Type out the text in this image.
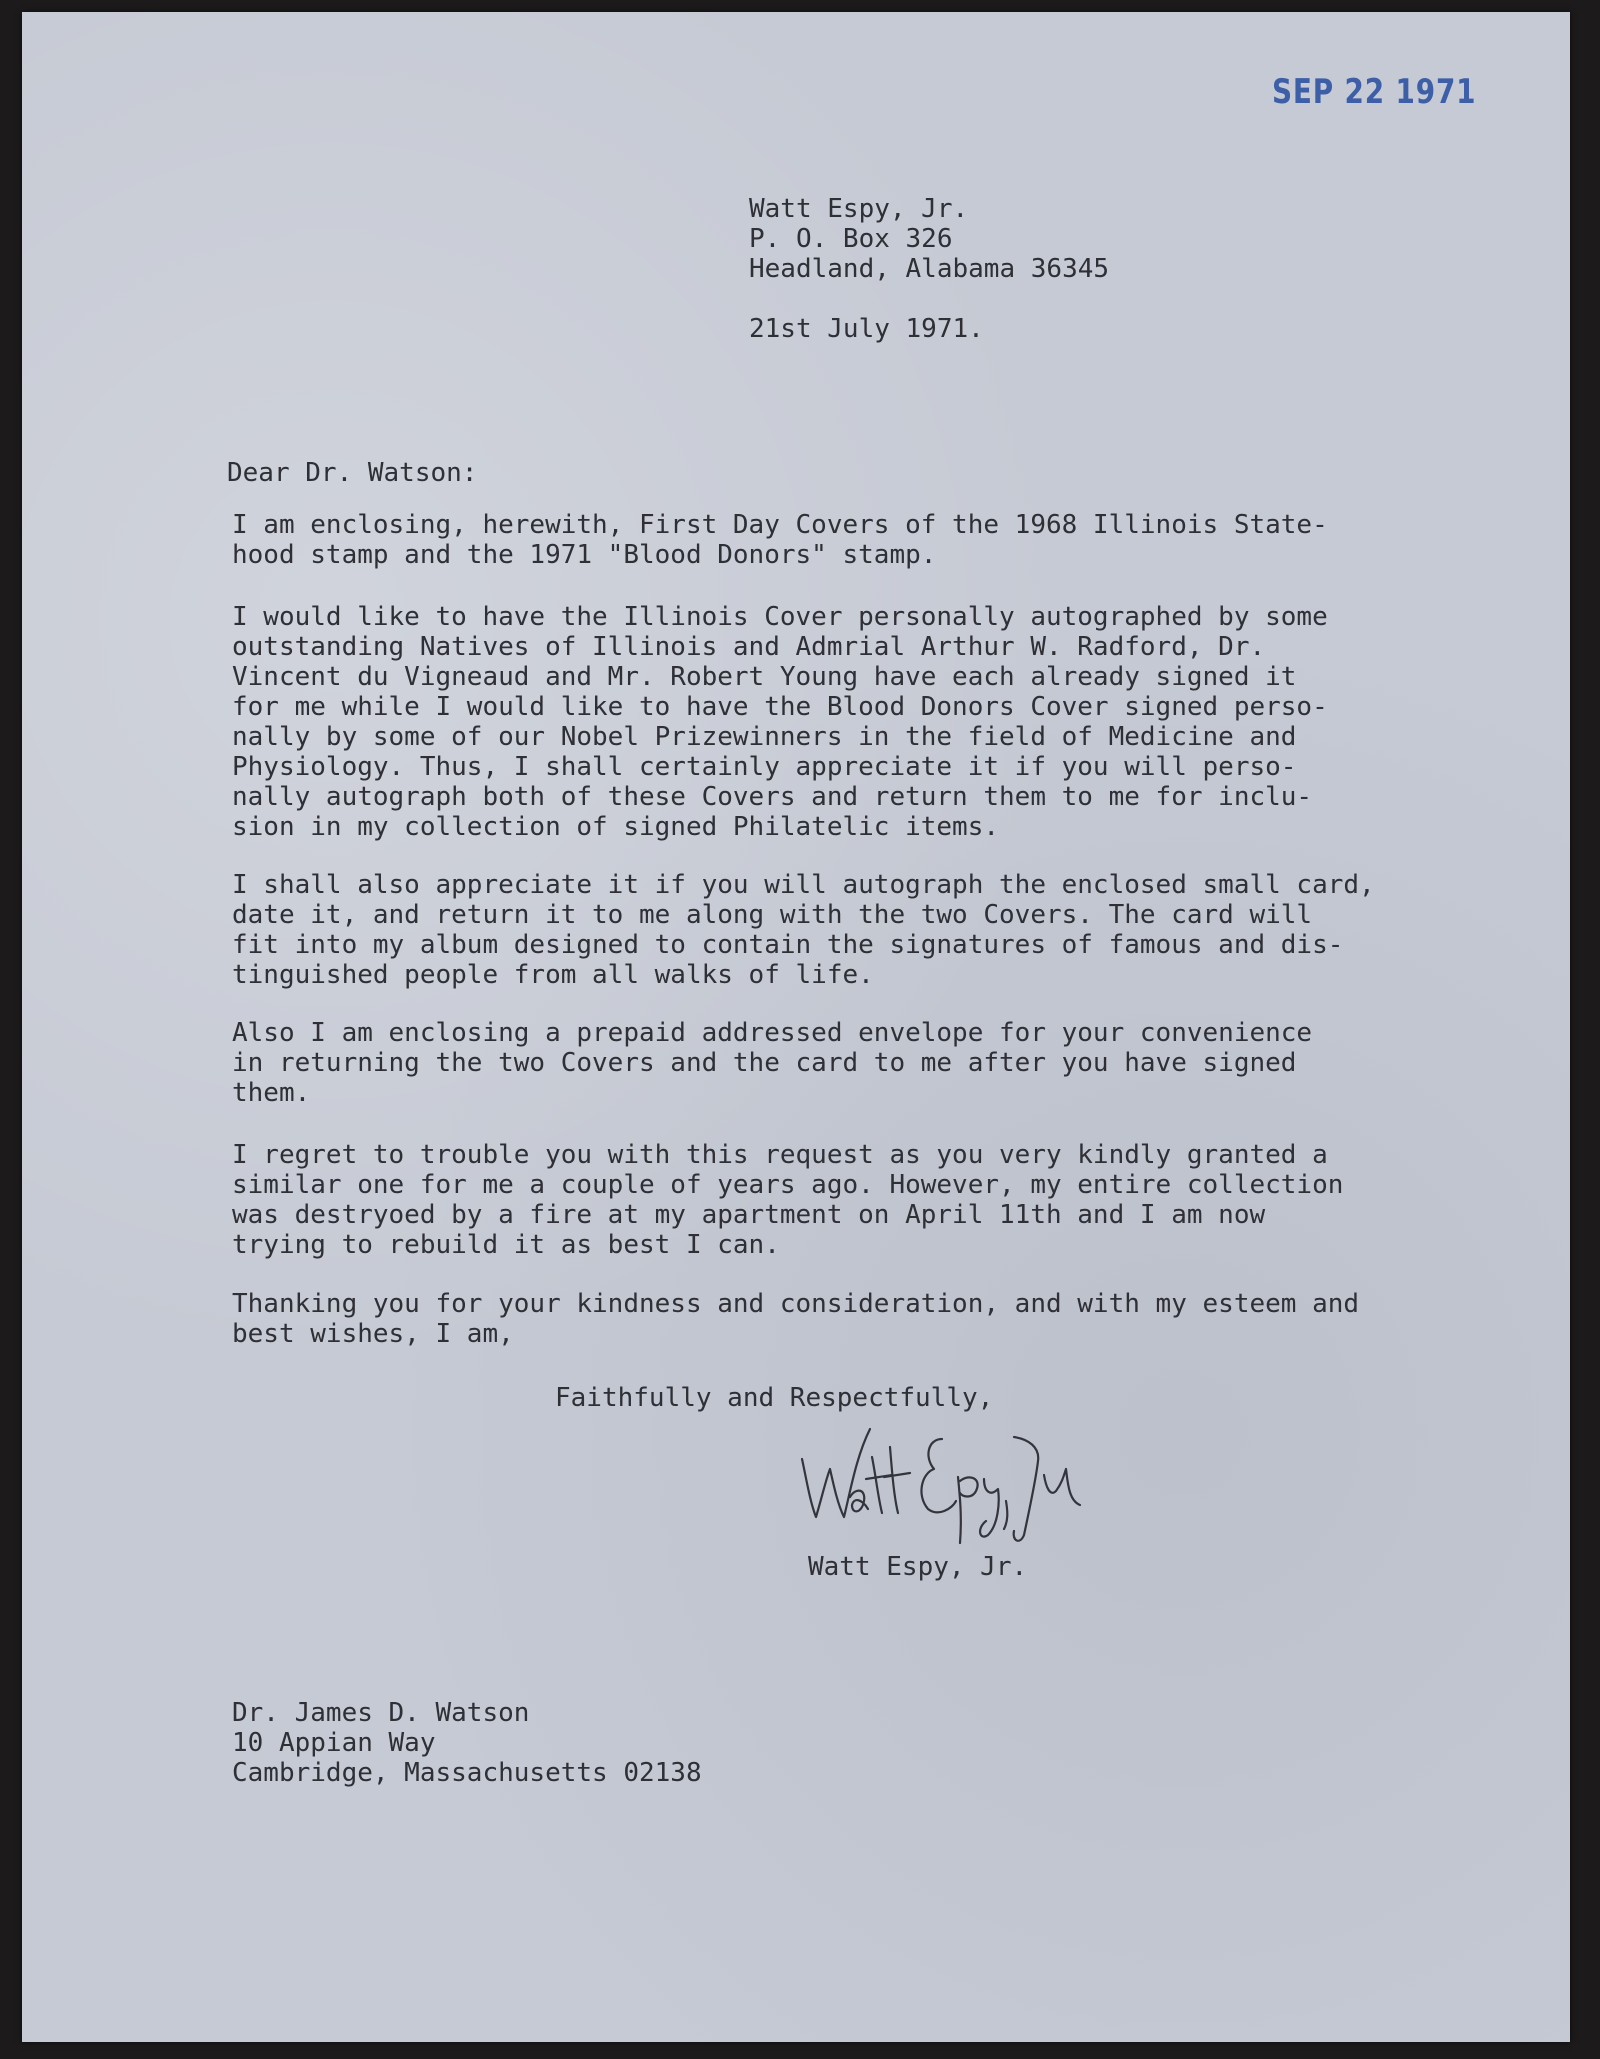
SEP 22 1971
Watt Espy, Jr.
P. O. Box 326
Headland, Alabama 36345
21st July 1971.
Dear Dr. Watson:
I am enclosing, herewith, First Day Covers of the 1968 Illinois State-
hood stamp and the 1971 "Blood Donors" stamp.
I would like to have the Illinois Cover personally autographed by some
outstanding Natives of Illinois and Admrial Arthur W. Radford, Dr.
Vincent du Vigneaud and Mr. Robert Young have each already signed it
for me while I would like to have the Blood Donors Cover signed perso-
nally by some of our Nobel Prizewinners in the field of Medicine and
Physiology. Thus, I shall certainly appreciate it if you will perso-
nally autograph both of these Covers and return them to me for inclu-
sion in my collection of signed Philatelic items.
I shall also appreciate it if you will autograph the enclosed small card,
date it, and return it to me along with the two Covers. The card will
fit into my album designed to contain the signatures of famous and dis-
tinguished people from all walks of life.
Also I am enclosing a prepaid addressed envelope for your convenience
in returning the two Covers and the card to me after you have signed
them.
I regret to trouble you with this request as you very kindly granted a
similar one for me a couple of years ago. However, my entire collection
was destryoed by a fire at my apartment on April 11th and I am now
trying to rebuild it as best I can.
Thanking you for your kindness and consideration, and with my esteem and
best wishes, I am,
Faithfully and Respectfully,
Watt Espy, Jr.
Dr. James D. Watson
10 Appian Way
Cambridge, Massachusetts 02138
